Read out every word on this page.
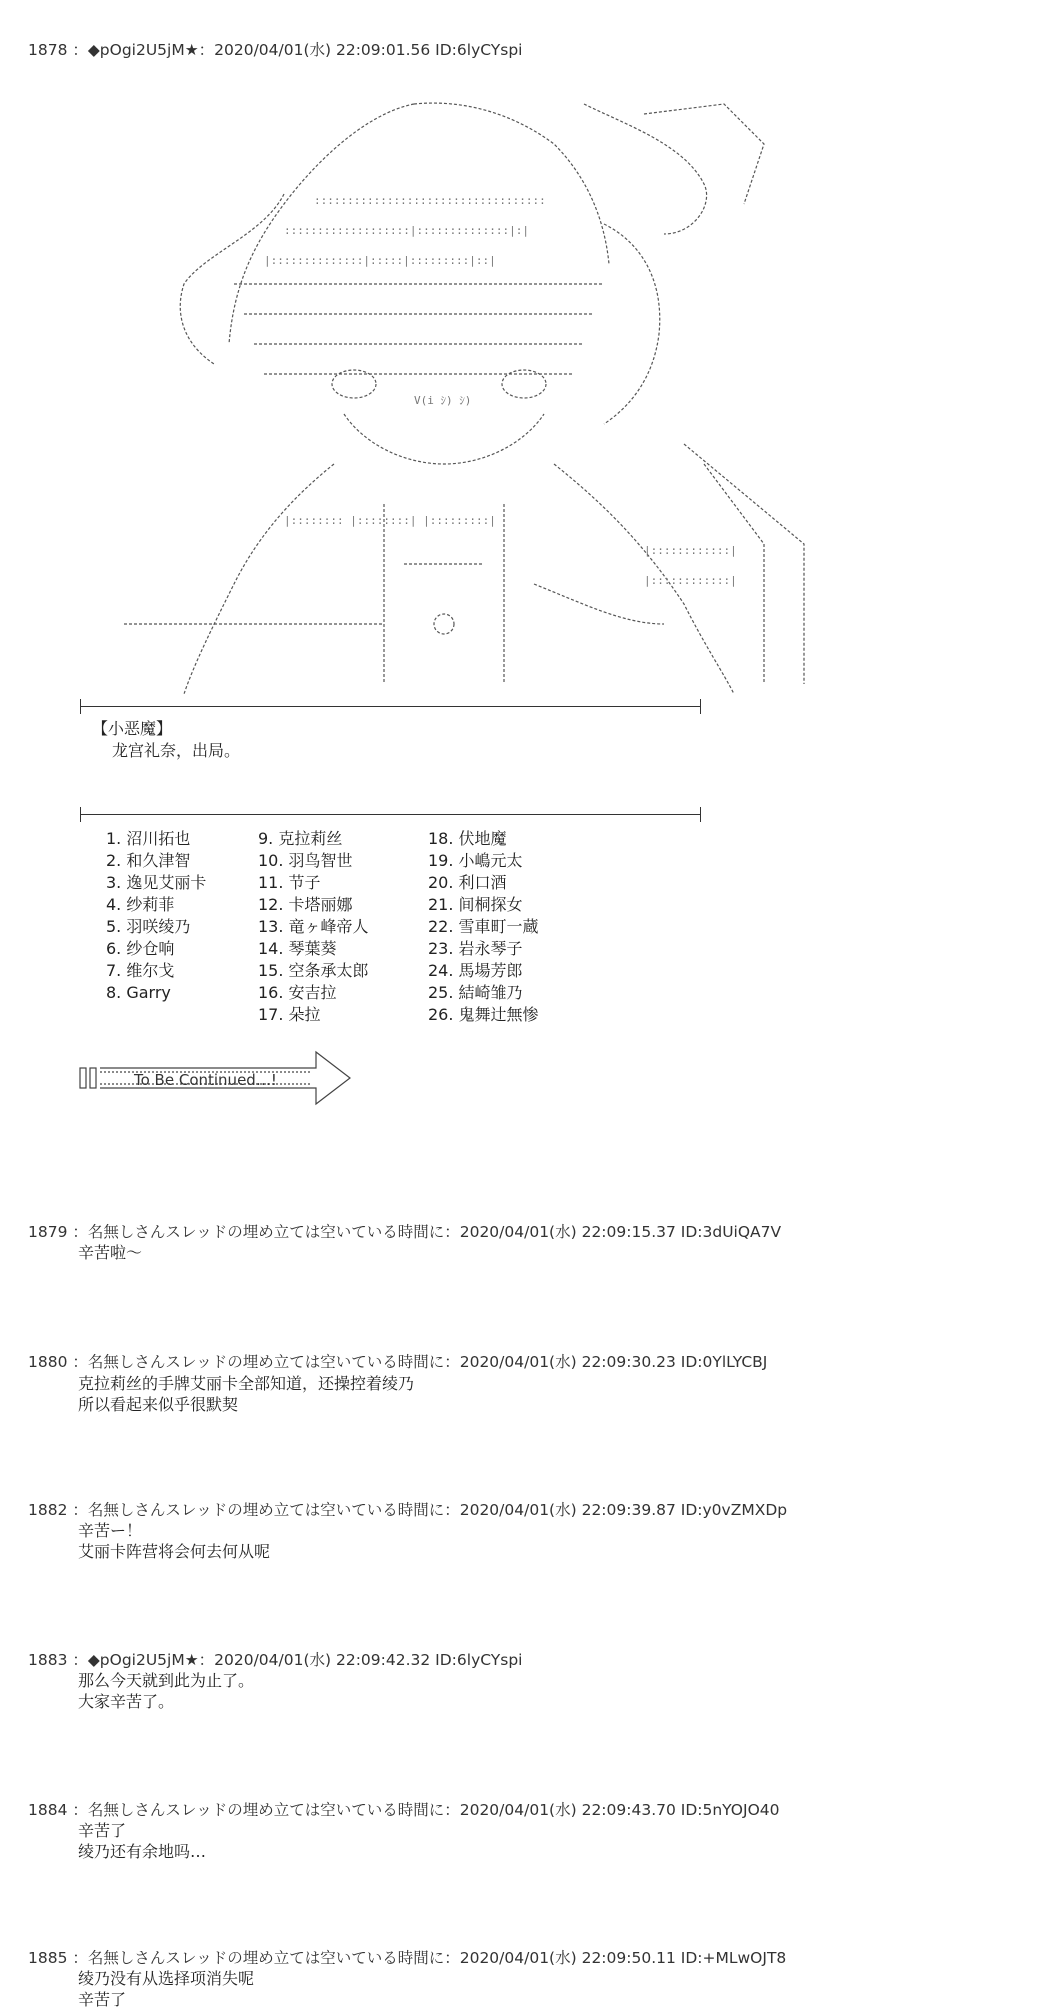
1878 ：◆pOgi2U5jM★：2020/04/01(水) 22:09:01.56 ID:6lyCYspi
:::::::::::::::::::::::::::::::::::
:::::::::::::::::::|::::::::::::::|:|
|::::::::::::::|:::::|:::::::::|::|
V(i ｼ) ｼ)
|:::::::: |::::::::| |:::::::::|
|::::::::::::|
|::::::::::::|
【小恶魔】
龙宫礼奈，出局。
1. 沼川拓也
2. 和久津智
3. 逸见艾丽卡
4. 纱莉菲
5. 羽咲绫乃
6. 纱仓响
7. 维尔戈
8. Garry
9. 克拉莉丝
10. 羽鸟智世
11. 节子
12. 卡塔丽娜
13. 竜ヶ峰帝人
14. 琴葉葵
15. 空条承太郎
16. 安吉拉
17. 朵拉
18. 伏地魔
19. 小嶋元太
20. 利口酒
21. 间桐探女
22. 雪車町一蔵
23. 岩永琴子
24. 馬場芳郎
25. 結崎雏乃
26. 鬼舞辻無惨
To Be Continued…!
1879 ：名無しさんスレッドの埋め立ては空いている時間に：2020/04/01(水) 22:09:15.37 ID:3dUiQA7V
辛苦啦～
1880 ：名無しさんスレッドの埋め立ては空いている時間に：2020/04/01(水) 22:09:30.23 ID:0YlLYCBJ
克拉莉丝的手牌艾丽卡全部知道，还操控着绫乃
所以看起来似乎很默契
1882 ：名無しさんスレッドの埋め立ては空いている時間に：2020/04/01(水) 22:09:39.87 ID:y0vZMXDp
辛苦ー！
艾丽卡阵营将会何去何从呢
1883 ：◆pOgi2U5jM★：2020/04/01(水) 22:09:42.32 ID:6lyCYspi
那么今天就到此为止了。
大家辛苦了。
1884 ：名無しさんスレッドの埋め立ては空いている時間に：2020/04/01(水) 22:09:43.70 ID:5nYOJO40
辛苦了
绫乃还有余地吗…
1885 ：名無しさんスレッドの埋め立ては空いている時間に：2020/04/01(水) 22:09:50.11 ID:+MLwOJT8
绫乃没有从选择项消失呢
辛苦了
